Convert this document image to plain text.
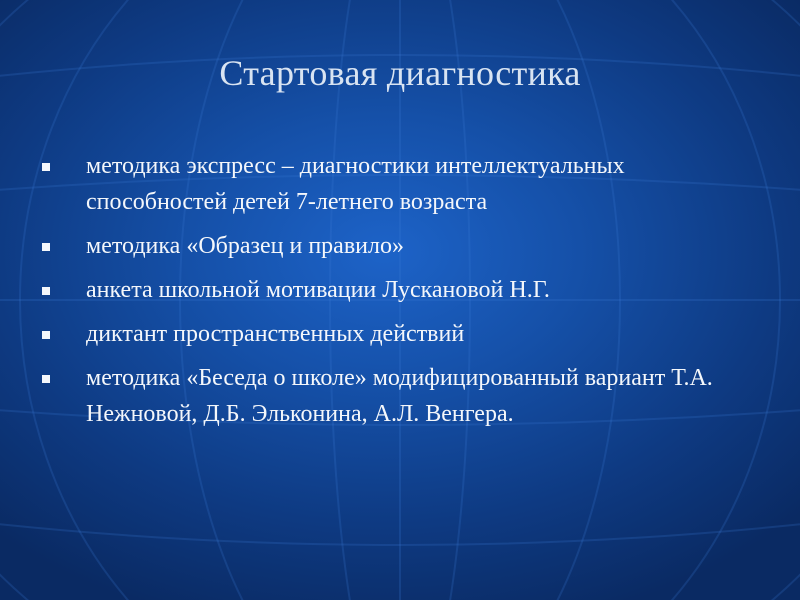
Стартовая диагностика
методика экспресс – диагностики интеллектуальных способностей детей 7-летнего возраста
методика «Образец и правило»
анкета школьной мотивации Лускановой Н.Г.
диктант пространственных действий
методика «Беседа о школе» модифицированный вариант Т.А. Нежновой, Д.Б. Эльконина, А.Л. Венгера.
